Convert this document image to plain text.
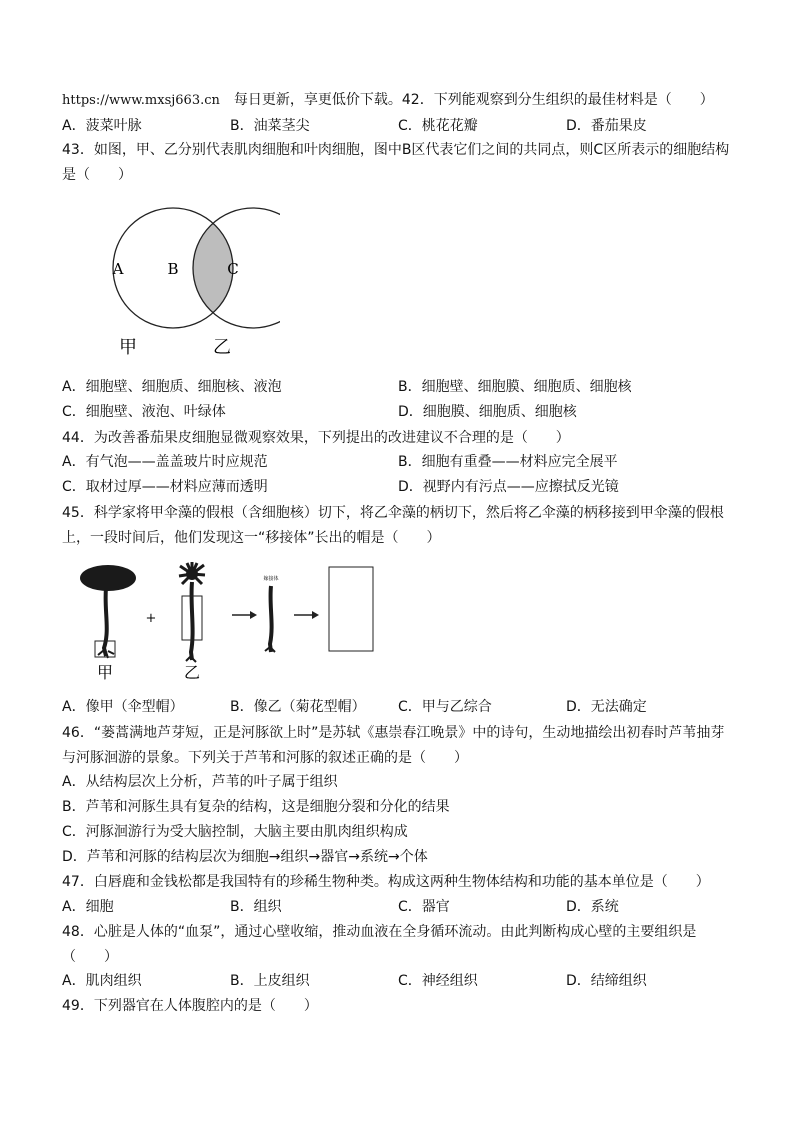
https://www.mxsj663.cn 每日更新，享更低价下载。42．下列能观察到分生组织的最佳材料是（　　）
A．菠菜叶脉	B．油菜茎尖	C．桃花花瓣	D．番茄果皮
43．如图，甲、乙分别代表肌肉细胞和叶肉细胞，图中B区代表它们之间的共同点，则C区所表示的细胞结构是（　　）
A	B	C
甲	乙
A．细胞壁、细胞质、细胞核、液泡	B．细胞壁、细胞膜、细胞质、细胞核
C．细胞壁、液泡、叶绿体	D．细胞膜、细胞质、细胞核
44．为改善番茄果皮细胞显微观察效果，下列提出的改进建议不合理的是（　　）
A．有气泡——盖盖玻片时应规范	B．细胞有重叠——材料应完全展平
C．取材过厚——材料应薄而透明	D．视野内有污点——应擦拭反光镜
45．科学家将甲伞藻的假根（含细胞核）切下，将乙伞藻的柄切下，然后将乙伞藻的柄移接到甲伞藻的假根上，一段时间后，他们发现这一“移接体”长出的帽是（　　）
甲
+
乙
嫁接体
A．像甲（伞型帽）	B．像乙（菊花型帽） C．甲与乙综合	D．无法确定
46．“蒌蒿满地芦芽短，正是河豚欲上时”是苏轼《惠崇春江晚景》中的诗句，生动地描绘出初春时芦苇抽芽与河豚洄游的景象。下列关于芦苇和河豚的叙述正确的是（　　）
A．从结构层次上分析，芦苇的叶子属于组织
B．芦苇和河豚生具有复杂的结构，这是细胞分裂和分化的结果
C．河豚洄游行为受大脑控制，大脑主要由肌肉组织构成
D．芦苇和河豚的结构层次为细胞→组织→器官→系统→个体
47．白唇鹿和金钱松都是我国特有的珍稀生物种类。构成这两种生物体结构和功能的基本单位是（　　）
A．细胞	B．组织	C．器官	D．系统
48．心脏是人体的“血泵”，通过心壁收缩，推动血液在全身循环流动。由此判断构成心壁的主要组织是（　　）
A．肌肉组织	B．上皮组织	C．神经组织	D．结缔组织
49．下列器官在人体腹腔内的是（　　）
